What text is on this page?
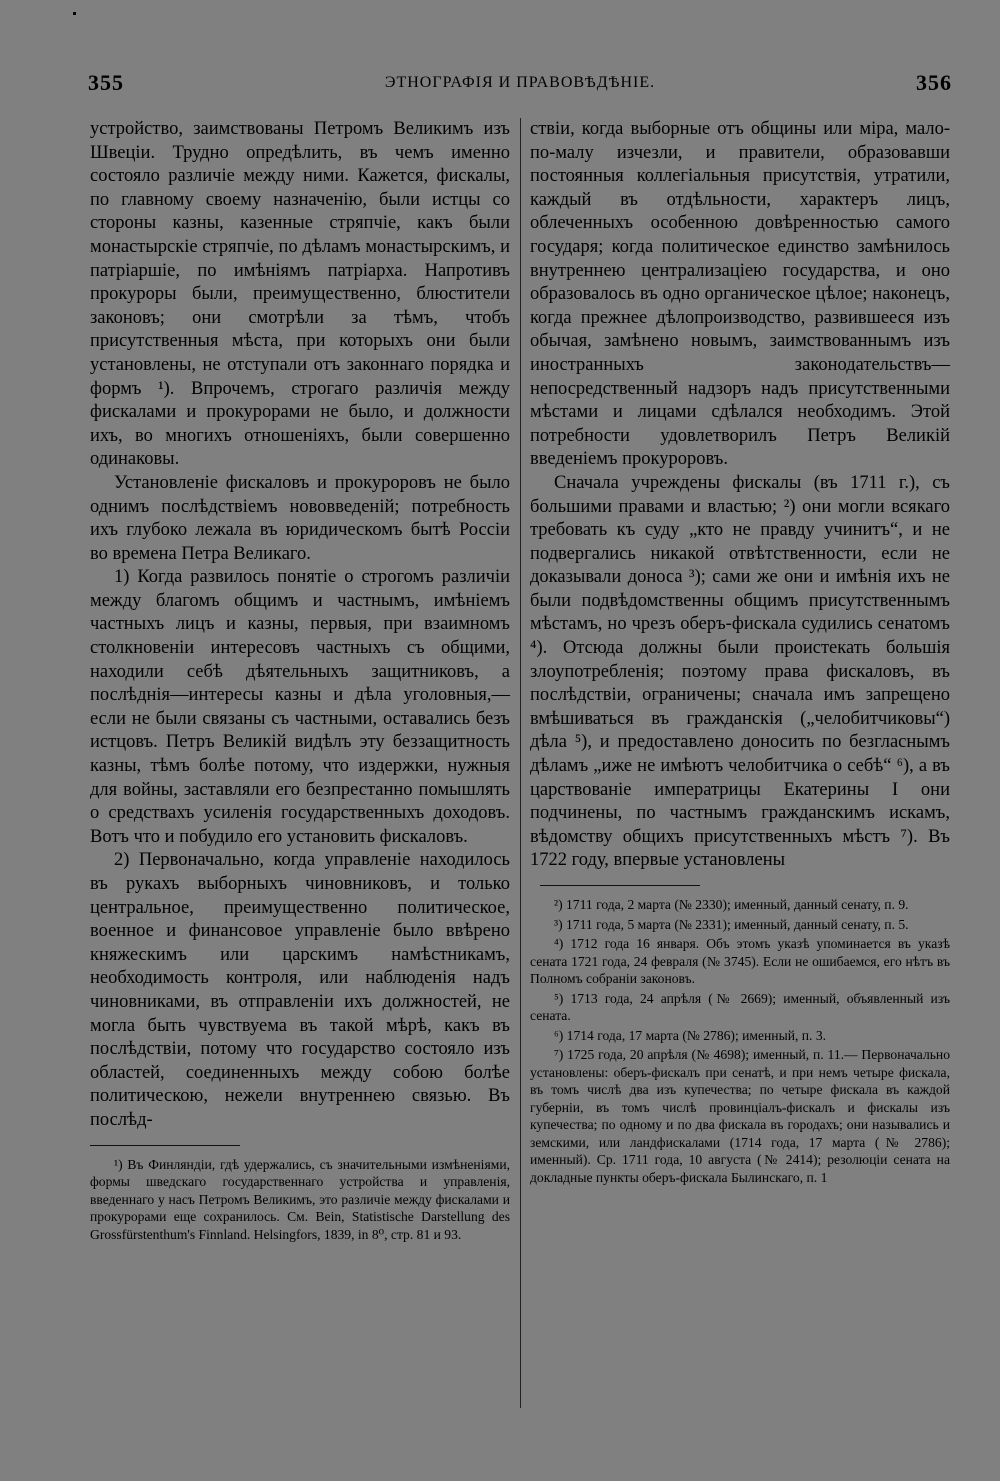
355	ЭТНОГРАФІЯ И ПРАВОВѢДѢНІЕ.	356

устройство, заимствованы Петромъ Великимъ изъ Швеціи. Трудно опредѣлить, въ чемъ именно состояло различіе между ними. Кажется, фискалы, по главному своему назначенію, были истцы со стороны казны, казенные стряпчіе, какъ были монастырскіе стряпчіе, по дѣламъ монастырскимъ, и патріаршіе, по имѣніямъ патріарха. Напротивъ прокуроры были, преимущественно, блюстители законовъ; они смотрѣли за тѣмъ, чтобъ присутственныя мѣста, при которыхъ они были установлены, не отступали отъ законнаго порядка и формъ ¹). Впрочемъ, строгаго различія между фискалами и прокурорами не было, и должности ихъ, во многихъ отношеніяхъ, были совершенно одинаковы.

Установленіе фискаловъ и прокуроровъ не было однимъ послѣдствіемъ нововведеній; потребность ихъ глубоко лежала въ юридическомъ бытѣ Россіи во времена Петра Великаго.

1) Когда развилось понятіе о строгомъ различіи между благомъ общимъ и частнымъ, имѣніемъ частныхъ лицъ и казны, первыя, при взаимномъ столкновеніи интересовъ частныхъ съ общими, находили себѣ дѣятельныхъ защитниковъ, а послѣднія—интересы казны и дѣла уголовныя,—если не были связаны съ частными, оставались безъ истцовъ. Петръ Великій видѣлъ эту беззащитность казны, тѣмъ болѣе потому, что издержки, нужныя для войны, заставляли его безпрестанно помышлять о средствахъ усиленія государственныхъ доходовъ. Вотъ что и побудило его установить фискаловъ.

2) Первоначально, когда управленіе находилось въ рукахъ выборныхъ чиновниковъ, и только центральное, преимущественно политическое, военное и финансовое управленіе было ввѣрено княжескимъ или царскимъ намѣстникамъ, необходимость контроля, или наблюденія надъ чиновниками, въ отправленіи ихъ должностей, не могла быть чувствуема въ такой мѣрѣ, какъ въ послѣдствіи, потому что государство состояло изъ областей, соединенныхъ между собою болѣе политическою, нежели внутреннею связью. Въ послѣд-

¹) Въ Финляндіи, гдѣ удержались, съ значительными измѣненіями, формы шведскаго государственнаго устройства и управленія, введеннаго у насъ Петромъ Великимъ, это различіе между фискалами и прокурорами еще сохранилось. См. Bein, Statistische Darstellung des Grossfürstenthum's Finnland. Helsingfors, 1839, in 8⁰, стр. 81 и 93.

ствіи, когда выборные отъ общины или міра, мало-по-малу изчезли, и правители, образовавши постоянныя коллегіальныя присутствія, утратили, каждый въ отдѣльности, характеръ лицъ, облеченныхъ особенною довѣренностью самого государя; когда политическое единство замѣнилось внутреннею централизаціею государства, и оно образовалось въ одно органическое цѣлое; наконецъ, когда прежнее дѣлопроизводство, развившееся изъ обычая, замѣнено новымъ, заимствованнымъ изъ иностранныхъ законодательствъ—непосредственный надзоръ надъ присутственными мѣстами и лицами сдѣлался необходимъ. Этой потребности удовлетворилъ Петръ Великій введеніемъ прокуроровъ.

Сначала учреждены фискалы (въ 1711 г.), съ большими правами и властью; ²) они могли всякаго требовать къ суду „кто не правду учинитъ“, и не подвергались никакой отвѣтственности, если не доказывали доноса ³); сами же они и имѣнія ихъ не были подвѣдомственны общимъ присутственнымъ мѣстамъ, но чрезъ оберъ-фискала судились сенатомъ ⁴). Отсюда должны были проистекать большія злоупотребленія; поэтому права фискаловъ, въ послѣдствіи, ограничены; сначала имъ запрещено вмѣшиваться въ гражданскія („челобитчиковы“) дѣла ⁵), и предоставлено доносить по безгласнымъ дѣламъ „иже не имѣютъ челобитчика о себѣ“ ⁶), а въ царствованіе императрицы Екатерины I они подчинены, по частнымъ гражданскимъ искамъ, вѣдомству общихъ присутственныхъ мѣстъ ⁷). Въ 1722 году, впервые установлены

²) 1711 года, 2 марта (№ 2330); именный, данный сенату, п. 9.

³) 1711 года, 5 марта (№ 2331); именный, данный сенату, п. 5.

⁴) 1712 года 16 января. Объ этомъ указѣ упоминается въ указѣ сената 1721 года, 24 февраля (№ 3745). Если не ошибаемся, его нѣтъ въ Полномъ собраніи законовъ.

⁵) 1713 года, 24 апрѣля (№ 2669); именный, объявленный изъ сената.

⁶) 1714 года, 17 марта (№ 2786); именный, п. 3.

⁷) 1725 года, 20 апрѣля (№ 4698); именный, п. 11.— Первоначально установлены: оберъ-фискалъ при сенатѣ, и при немъ четыре фискала, въ томъ числѣ два изъ купечества; по четыре фискала въ каждой губерніи, въ томъ числѣ провинціалъ-фискалъ и фискалы изъ купечества; по одному и по два фискала въ городахъ; они назывались и земскими, или ландфискалами (1714 года, 17 марта (№ 2786); именный). Ср. 1711 года, 10 августа (№ 2414); резолюціи сената на докладные пункты оберъ-фискала Былинскаго, п. 1
